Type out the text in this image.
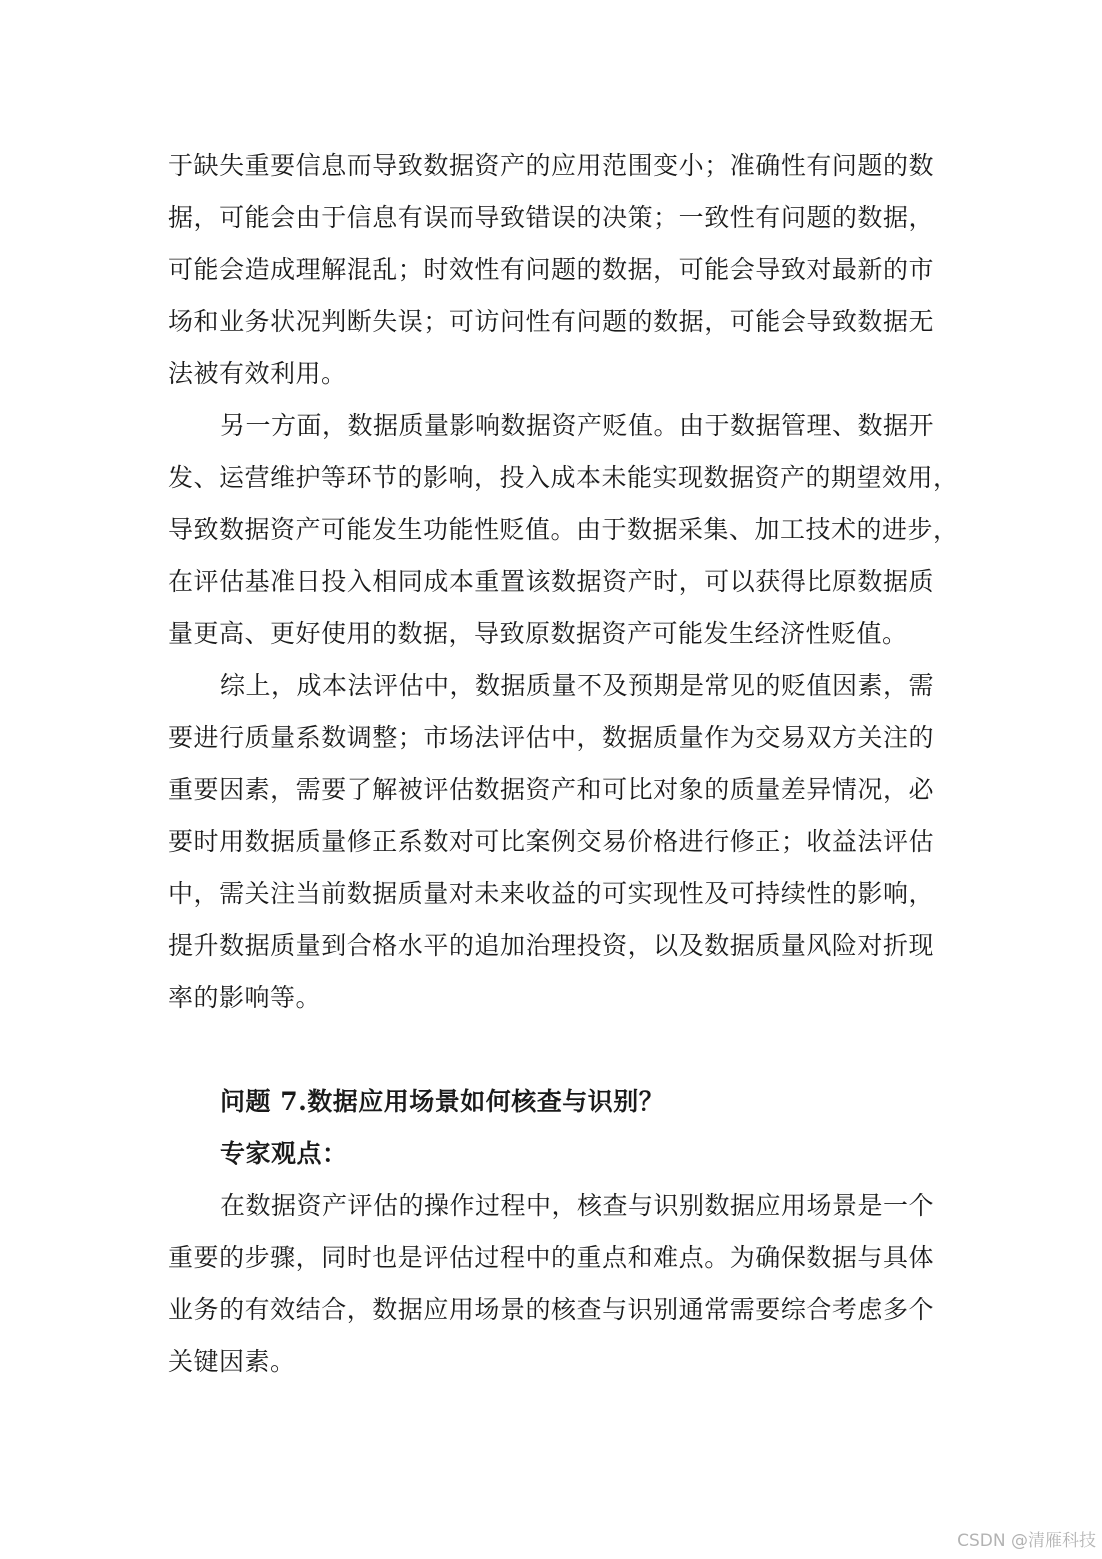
于缺失重要信息而导致数据资产的应用范围变小；准确性有问题的数
据，可能会由于信息有误而导致错误的决策；一致性有问题的数据，
可能会造成理解混乱；时效性有问题的数据，可能会导致对最新的市
场和业务状况判断失误；可访问性有问题的数据，可能会导致数据无
法被有效利用。
另一方面，数据质量影响数据资产贬值。由于数据管理、数据开
发、运营维护等环节的影响，投入成本未能实现数据资产的期望效用，
导致数据资产可能发生功能性贬值。由于数据采集、加工技术的进步，
在评估基准日投入相同成本重置该数据资产时，可以获得比原数据质
量更高、更好使用的数据，导致原数据资产可能发生经济性贬值。
综上，成本法评估中，数据质量不及预期是常见的贬值因素，需
要进行质量系数调整；市场法评估中，数据质量作为交易双方关注的
重要因素，需要了解被评估数据资产和可比对象的质量差异情况，必
要时用数据质量修正系数对可比案例交易价格进行修正；收益法评估
中，需关注当前数据质量对未来收益的可实现性及可持续性的影响，
提升数据质量到合格水平的追加治理投资，以及数据质量风险对折现
率的影响等。
问题 7.数据应用场景如何核查与识别？
专家观点：
在数据资产评估的操作过程中，核查与识别数据应用场景是一个
重要的步骤，同时也是评估过程中的重点和难点。为确保数据与具体
业务的有效结合，数据应用场景的核查与识别通常需要综合考虑多个
关键因素。
CSDN @清雁科技
